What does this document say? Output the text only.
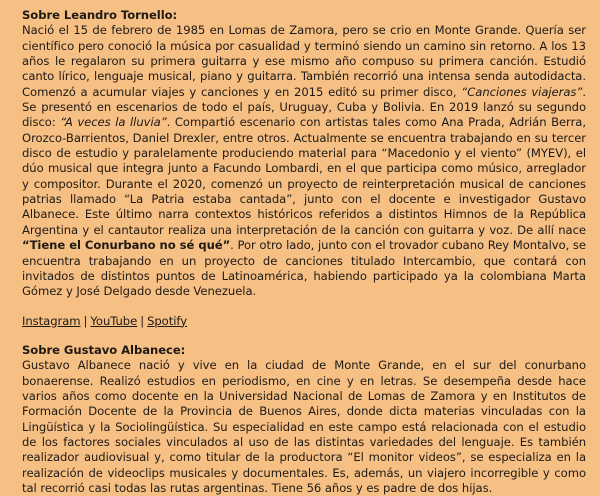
Sobre Leandro Tornello:

Nació el 15 de febrero de 1985 en Lomas de Zamora, pero se crio en Monte Grande. Quería ser científico pero conoció la música por casualidad y terminó siendo un camino sin retorno. A los 13 años le regalaron su primera guitarra y ese mismo año compuso su primera canción. Estudió canto lírico, lenguaje musical, piano y guitarra. También recorrió una intensa senda autodidacta. Comenzó a acumular viajes y canciones y en 2015 editó su primer disco, “Canciones viajeras”. Se presentó en escenarios de todo el país, Uruguay, Cuba y Bolivia. En 2019 lanzó su segundo disco: “A veces la lluvia”. Compartió escenario con artistas tales como Ana Prada, Adrián Berra, Orozco-Barrientos, Daniel Drexler, entre otros. Actualmente se encuentra trabajando en su tercer disco de estudio y paralelamente produciendo material para “Macedonio y el viento” (MYEV), el dúo musical que integra junto a Facundo Lombardi, en el que participa como músico, arreglador y compositor. Durante el 2020, comenzó un proyecto de reinterpretación musical de canciones patrias llamado “La Patria estaba cantada”, junto con el docente e investigador Gustavo Albanece. Este último narra contextos históricos referidos a distintos Himnos de la República Argentina y el cantautor realiza una interpretación de la canción con guitarra y voz. De allí nace “Tiene el Conurbano no sé qué”. Por otro lado, junto con el trovador cubano Rey Montalvo, se encuentra trabajando en un proyecto de canciones titulado Intercambio, que contará con invitados de distintos puntos de Latinoamérica, habiendo participado ya la colombiana Marta Gómez y José Delgado desde Venezuela.

Instagram | YouTube | Spotify

Sobre Gustavo Albanece:

Gustavo Albanece nació y vive en la ciudad de Monte Grande, en el sur del conurbano bonaerense. Realizó estudios en periodismo, en cine y en letras. Se desempeña desde hace varios años como docente en la Universidad Nacional de Lomas de Zamora y en Institutos de Formación Docente de la Provincia de Buenos Aires, donde dicta materias vinculadas con la Lingüística y la Sociolingüística. Su especialidad en este campo está relacionada con el estudio de los factores sociales vinculados al uso de las distintas variedades del lenguaje. Es también realizador audiovisual y, como titular de la productora “El monitor videos”, se especializa en la realización de videoclips musicales y documentales. Es, además, un viajero incorregible y como tal recorrió casi todas las rutas argentinas. Tiene 56 años y es padre de dos hijas.
